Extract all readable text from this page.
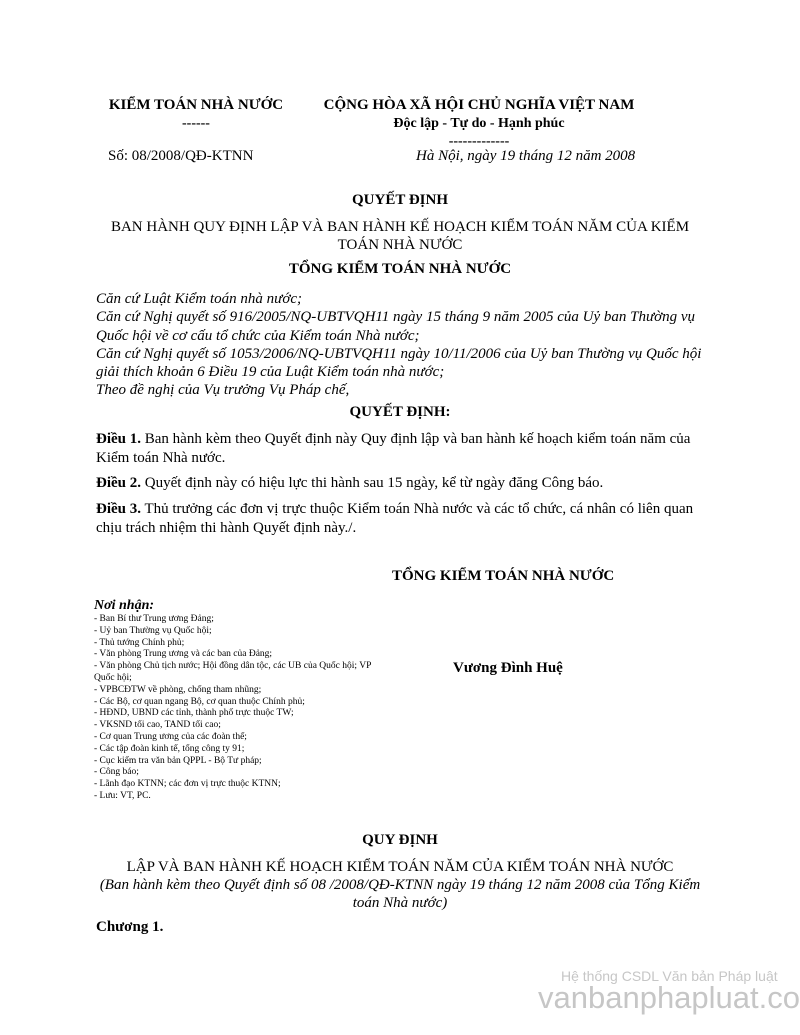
KIỂM TOÁN NHÀ NƯỚC
------
CỘNG HÒA XÃ HỘI CHỦ NGHĨA VIỆT NAM
Độc lập - Tự do - Hạnh phúc
-------------
Số: 08/2008/QĐ-KTNN	Hà Nội, ngày 19 tháng 12 năm 2008
QUYẾT ĐỊNH
BAN HÀNH QUY ĐỊNH LẬP VÀ BAN HÀNH KẾ HOẠCH KIỂM TOÁN NĂM CỦA KIỂM TOÁN NHÀ NƯỚC
TỔNG KIỂM TOÁN NHÀ NƯỚC

Căn cứ Luật Kiểm toán nhà nước;

Căn cứ Nghị quyết số 916/2005/NQ-UBTVQH11 ngày 15 tháng 9 năm 2005 của Uỷ ban Thường vụ Quốc hội về cơ cấu tổ chức của Kiểm toán Nhà nước;

Căn cứ Nghị quyết số 1053/2006/NQ-UBTVQH11 ngày 10/11/2006 của Uỷ ban Thường vụ Quốc hội giải thích khoản 6 Điều 19 của Luật Kiểm toán nhà nước;

Theo đề nghị của Vụ trưởng Vụ Pháp chế,

QUYẾT ĐỊNH:
Điều 1. Ban hành kèm theo Quyết định này Quy định lập và ban hành kế hoạch kiểm toán năm của Kiểm toán Nhà nước.
Điều 2. Quyết định này có hiệu lực thi hành sau 15 ngày, kể từ ngày đăng Công báo.
Điều 3. Thủ trưởng các đơn vị trực thuộc Kiểm toán Nhà nước và các tổ chức, cá nhân có liên quan chịu trách nhiệm thi hành Quyết định này./.
TỔNG KIỂM TOÁN NHÀ NƯỚC
Vương Đình Huệ
Nơi nhận:
- Ban Bí thư Trung ương Đảng;
- Uỷ ban Thường vụ Quốc hội;
- Thủ tướng Chính phủ;
- Văn phòng Trung ương và các ban của Đảng;
- Văn phòng Chủ tịch nước; Hội đồng dân tộc, các UB của Quốc hội; VP Quốc hội;
- VPBCĐTW về phòng, chống tham nhũng;
- Các Bộ, cơ quan ngang Bộ, cơ quan thuộc Chính phủ;
- HĐND, UBND các tỉnh, thành phố trực thuộc TW;
- VKSND tối cao, TAND tối cao;
- Cơ quan Trung ương của các đoàn thể;
- Các tập đoàn kinh tế, tổng công ty 91;
- Cục kiểm tra văn bản QPPL - Bộ Tư pháp;
- Công báo;
- Lãnh đạo KTNN; các đơn vị trực thuộc KTNN;
- Lưu: VT, PC.
QUY ĐỊNH
LẬP VÀ BAN HÀNH KẾ HOẠCH KIỂM TOÁN NĂM CỦA KIỂM TOÁN NHÀ NƯỚC
(Ban hành kèm theo Quyết định số 08 /2008/QĐ-KTNN ngày 19 tháng 12 năm 2008 của Tổng Kiểm toán Nhà nước)
Chương 1.
Hệ thống CSDL Văn bản Pháp luật
vanbanphapluat.co
